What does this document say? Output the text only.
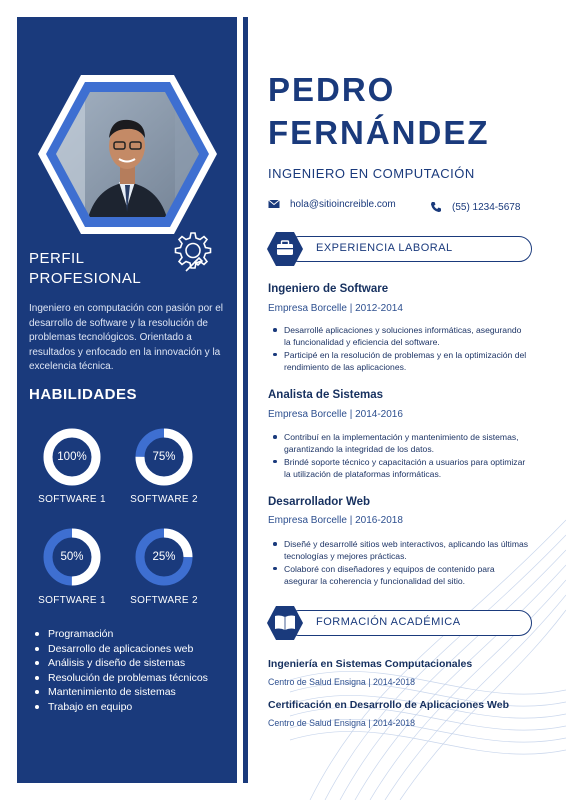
PERFIL
PROFESIONAL
Ingeniero en computación con pasión por el desarrollo de software y la resolución de problemas tecnológicos. Orientado a resultados y enfocado en la innovación y la excelencia técnica.
HABILIDADES
100%
SOFTWARE 1
75%
SOFTWARE 2
50%
SOFTWARE 1
25%
SOFTWARE 2
Programación
Desarrollo de aplicaciones web
Análisis y diseño de sistemas
Resolución de problemas técnicos
Mantenimiento de sistemas
Trabajo en equipo
PEDRO
FERNÁNDEZ
INGENIERO EN COMPUTACIÓN
hola@sitioincreible.com	(55) 1234-5678
EXPERIENCIA LABORAL
Ingeniero de Software
Empresa Borcelle | 2012-2014
Desarrollé aplicaciones y soluciones informáticas, asegurando la funcionalidad y eficiencia del software.
Participé en la resolución de problemas y en la optimización del rendimiento de las aplicaciones.
Analista de Sistemas
Empresa Borcelle | 2014-2016
Contribuí en la implementación y mantenimiento de sistemas, garantizando la integridad de los datos.
Brindé soporte técnico y capacitación a usuarios para optimizar la utilización de plataformas informáticas.
Desarrollador Web
Empresa Borcelle | 2016-2018
Diseñé y desarrollé sitios web interactivos, aplicando las últimas tecnologías y mejores prácticas.
Colaboré con diseñadores y equipos de contenido para asegurar la coherencia y funcionalidad del sitio.
FORMACIÓN ACADÉMICA
Ingeniería en Sistemas Computacionales
Centro de Salud Ensigna | 2014-2018
Certificación en Desarrollo de Aplicaciones Web
Centro de Salud Ensigna | 2014-2018
